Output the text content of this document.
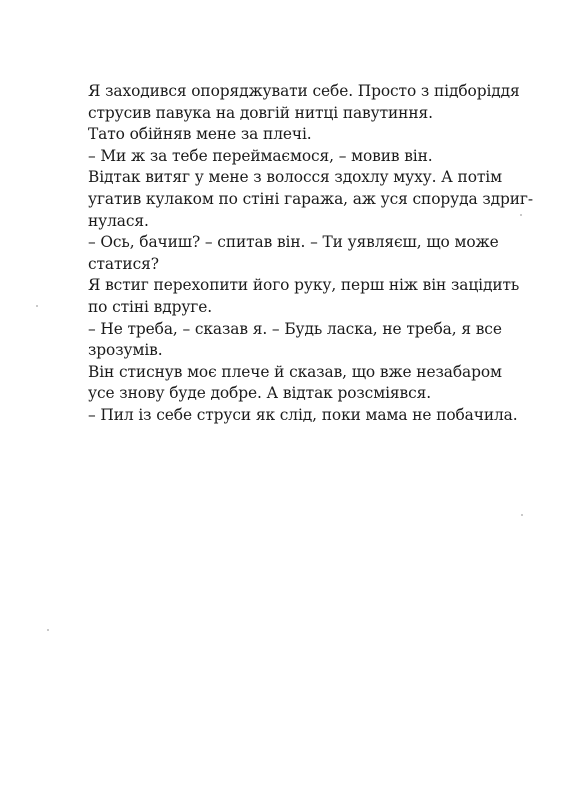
Я заходився опоряджувати себе. Просто з підборіддя
струсив павука на довгій нитці павутиння.
Тато обійняв мене за плечі.
– Ми ж за тебе переймаємося, – мовив він.
Відтак витяг у мене з волосся здохлу муху. А потім
угатив кулаком по стіні гаража, аж уся споруда здриг-
нулася.
– Ось, бачиш? – спитав він. – Ти уявляєш, що може
статися?
Я встиг перехопити його руку, перш ніж він зацідить
по стіні вдруге.
– Не треба, – сказав я. – Будь ласка, не треба, я все
зрозумів.
Він стиснув моє плече й сказав, що вже незабаром
усе знову буде добре. А відтак розсміявся.
– Пил із себе струси як слід, поки мама не побачила.
